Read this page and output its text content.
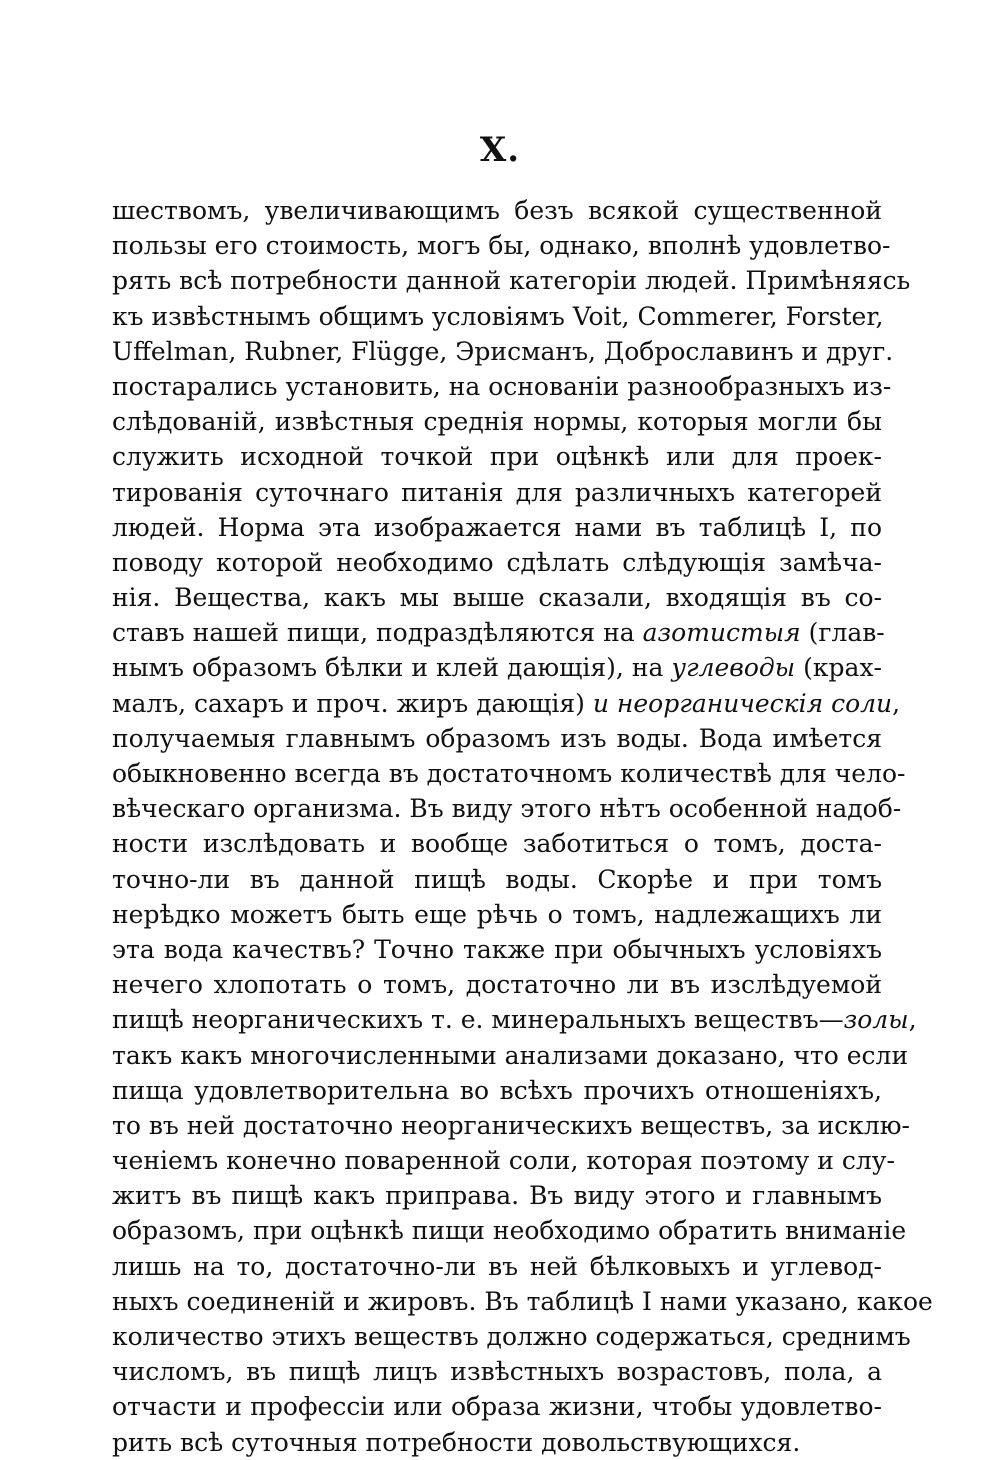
X.
шествомъ, увеличивающимъ безъ всякой существенной
пользы его стоимость, могъ бы, однако, вполнѣ удовлетво-
рять всѣ потребности данной категоріи людей. Примѣняясь
къ извѣстнымъ общимъ условіямъ Voit, Commerer, Forster,
Uffelman, Rubner, Flügge, Эрисманъ, Доброславинъ и друг.
постарались установить, на основаніи разнообразныхъ из-
слѣдованій, извѣстныя среднія нормы, которыя могли бы
служить исходной точкой при оцѣнкѣ или для проек-
тированія суточнаго питанія для различныхъ категорей
людей. Норма эта изображается нами въ таблицѣ I, по
поводу которой необходимо сдѣлать слѣдующія замѣча-
нія. Вещества, какъ мы выше сказали, входящія въ со-
ставъ нашей пищи, подраздѣляются на азотистыя (глав-
нымъ образомъ бѣлки и клей дающія), на углеводы (крах-
малъ, сахаръ и проч. жиръ дающія) и неорганическія соли,
получаемыя главнымъ образомъ изъ воды. Вода имѣется
обыкновенно всегда въ достаточномъ количествѣ для чело-
вѣческаго организма. Въ виду этого нѣтъ особенной надоб-
ности изслѣдовать и вообще заботиться о томъ, доста-
точно-ли въ данной пищѣ воды. Скорѣе и при томъ
нерѣдко можетъ быть еще рѣчь о томъ, надлежащихъ ли
эта вода качествъ? Точно также при обычныхъ условіяхъ
нечего хлопотать о томъ, достаточно ли въ изслѣдуемой
пищѣ неорганическихъ т. е. минеральныхъ веществъ—золы,
такъ какъ многочисленными анализами доказано, что если
пища удовлетворительна во всѣхъ прочихъ отношеніяхъ,
то въ ней достаточно неорганическихъ веществъ, за исклю-
ченіемъ конечно поваренной соли, которая поэтому и слу-
житъ въ пищѣ какъ приправа. Въ виду этого и главнымъ
образомъ, при оцѣнкѣ пищи необходимо обратить вниманіе
лишь на то, достаточно-ли въ ней бѣлковыхъ и углевод-
ныхъ соединеній и жировъ. Въ таблицѣ I нами указано, какое
количество этихъ веществъ должно содержаться, среднимъ
числомъ, въ пищѣ лицъ извѣстныхъ возрастовъ, пола, а
отчасти и профессіи или образа жизни, чтобы удовлетво-
рить всѣ суточныя потребности довольствующихся.
